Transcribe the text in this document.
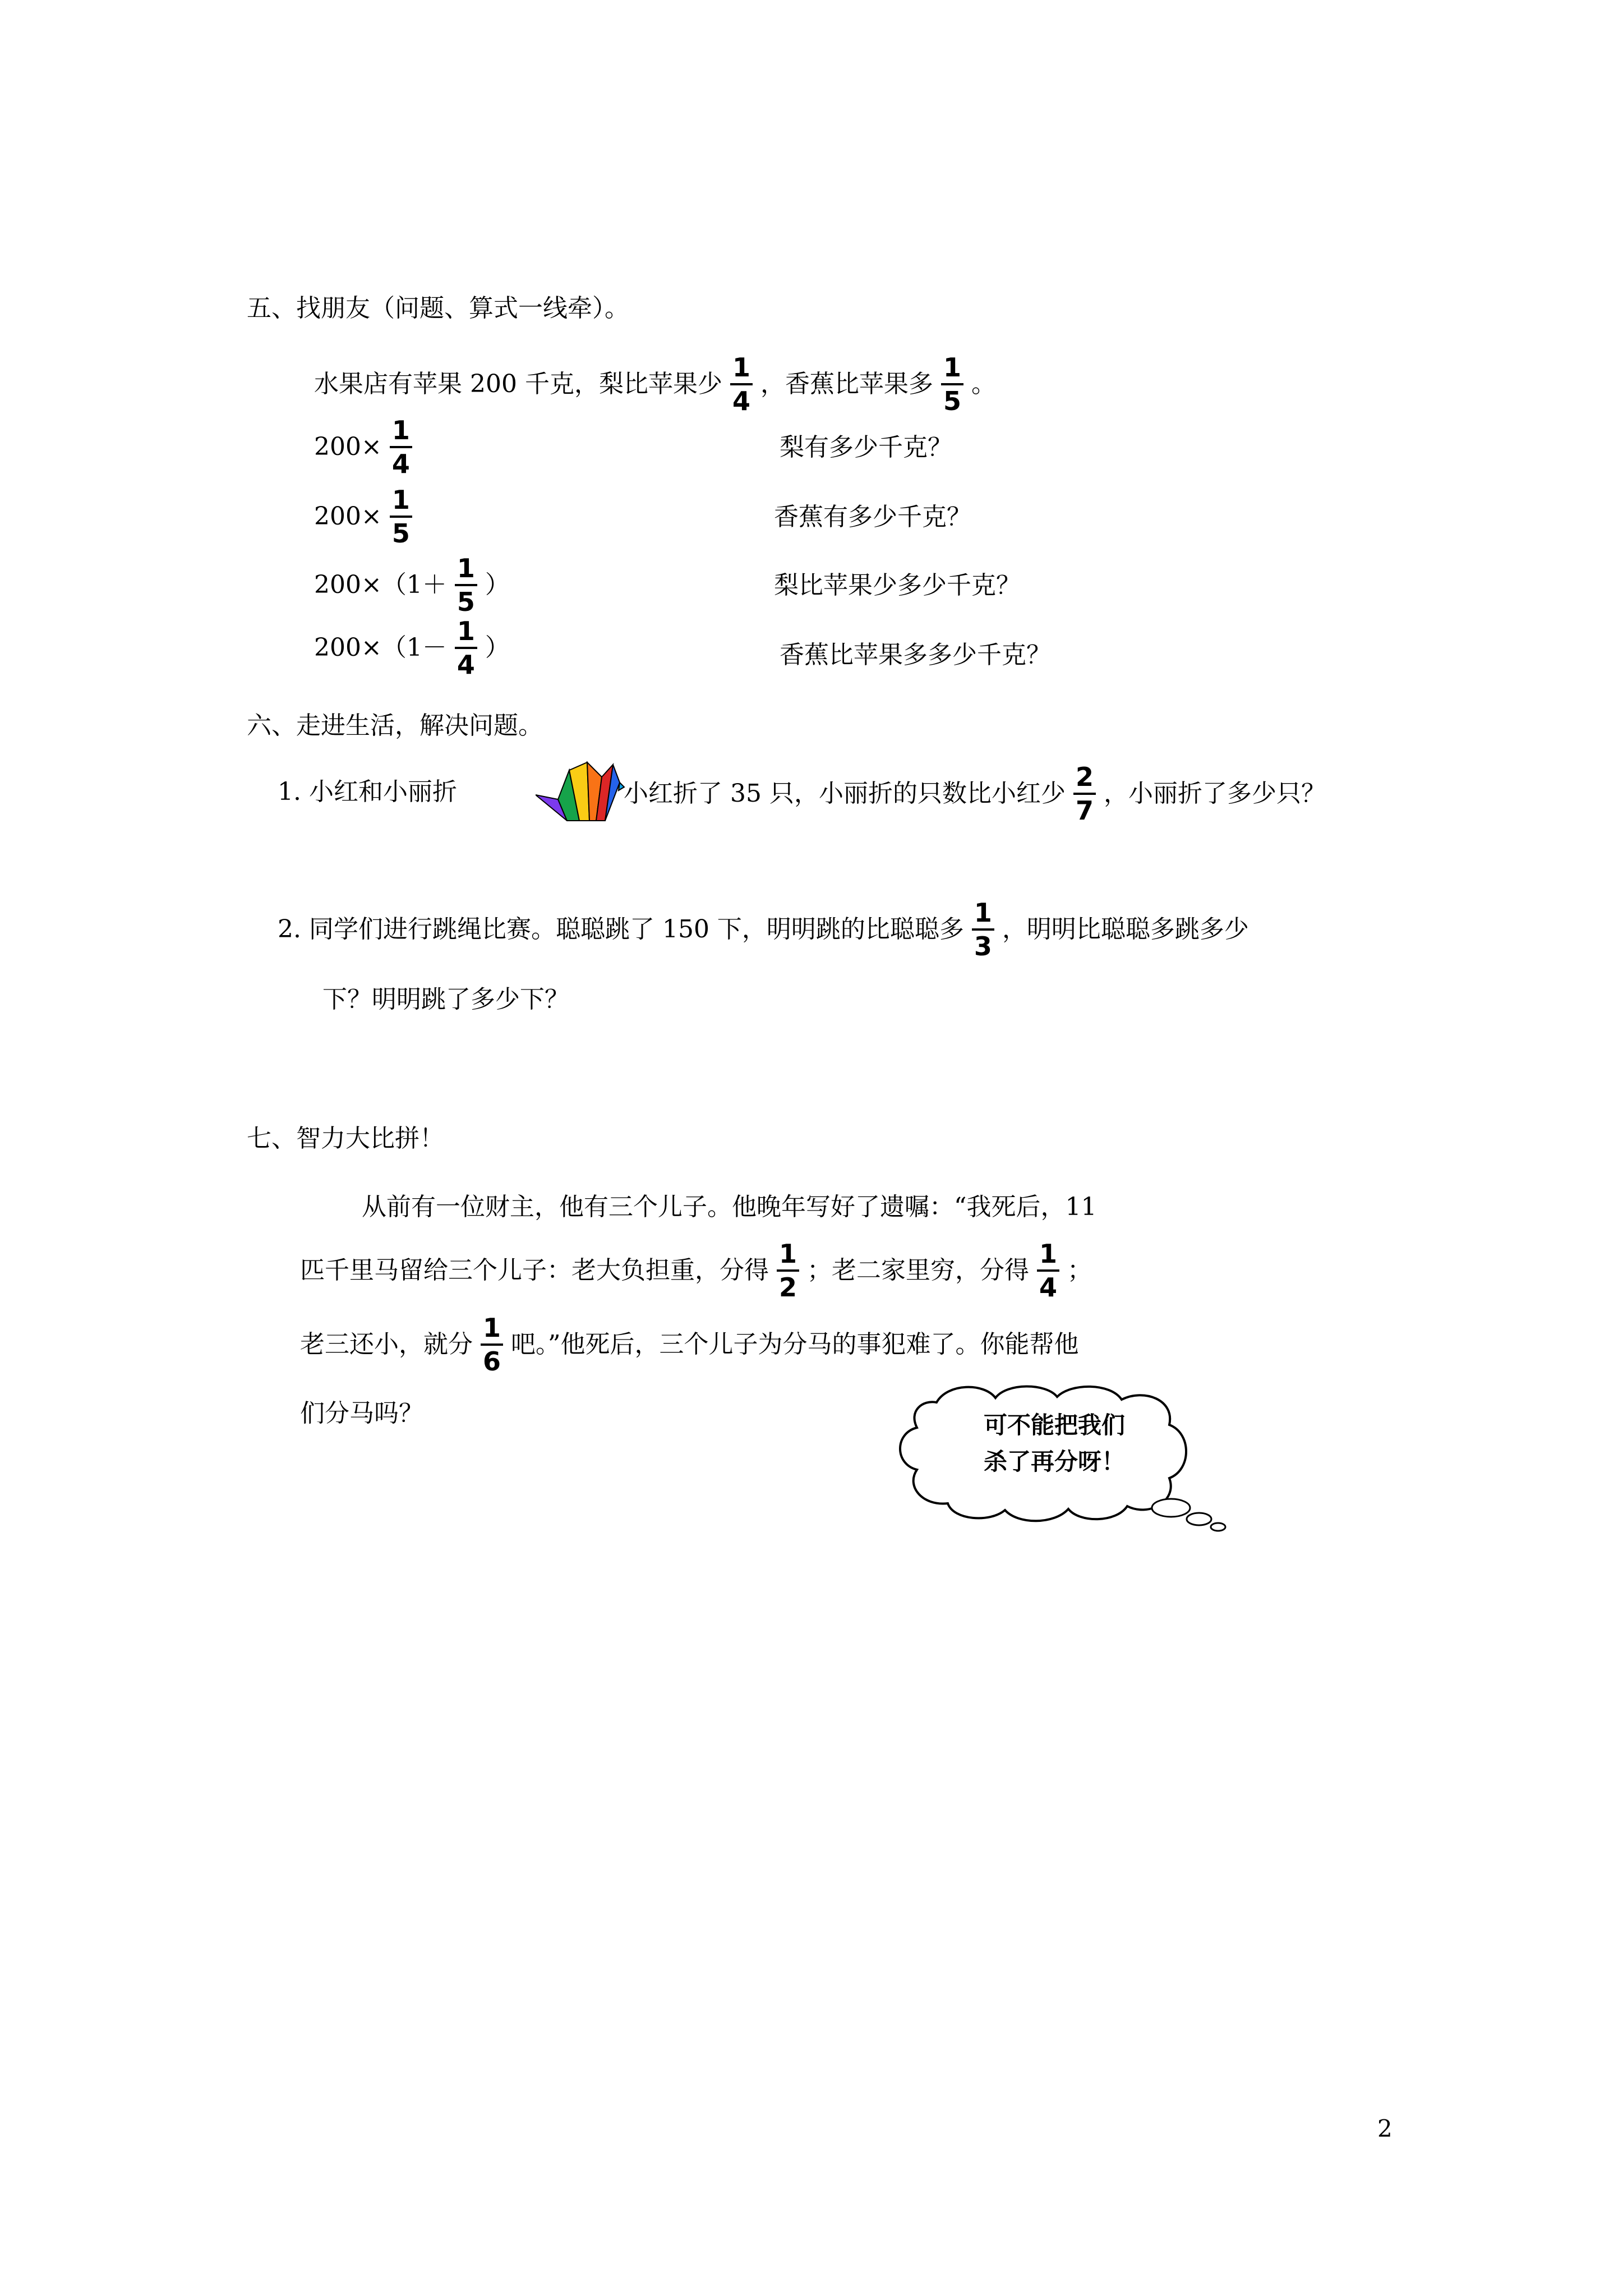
五、找朋友（问题、算式一线牵）。
水果店有苹果 200 千克，梨比苹果少 $\frac{1}{4}$ ，香蕉比苹果多 $\frac{1}{5}$ 。
$200\times \frac{1}{4}$
$200\times \frac{1}{5}$
$200\times(1+ \frac{1}{5}$ ）
$200\times(1- \frac{1}{4}$ ）
梨有多少千克？
香蕉有多少千克？
梨比苹果少多少千克？
香蕉比苹果多多少千克？
六、走进生活，解决问题。
1. 小红和小丽折	小红折了 35 只，小丽折的只数比小红少 $\frac{2}{7}$ ，小丽折了多少只？
2. 同学们进行跳绳比赛。聪聪跳了 150 下，明明跳的比聪聪多 $\frac{1}{3}$ ，明明比聪聪多跳多少
下？明明跳了多少下？
七、智力大比拼！
从前有一位财主，他有三个儿子。他晚年写好了遗嘱：“我死后，11
匹千里马留给三个儿子：老大负担重，分得 $\frac{1}{2}$ ；老二家里穷，分得 $\frac{1}{4}$ ；
老三还小，就分 $\frac{1}{6}$ 吧。”他死后，三个儿子为分马的事犯难了。你能帮他
们分马吗？	可不能把我们
杀了再分呀！
2
